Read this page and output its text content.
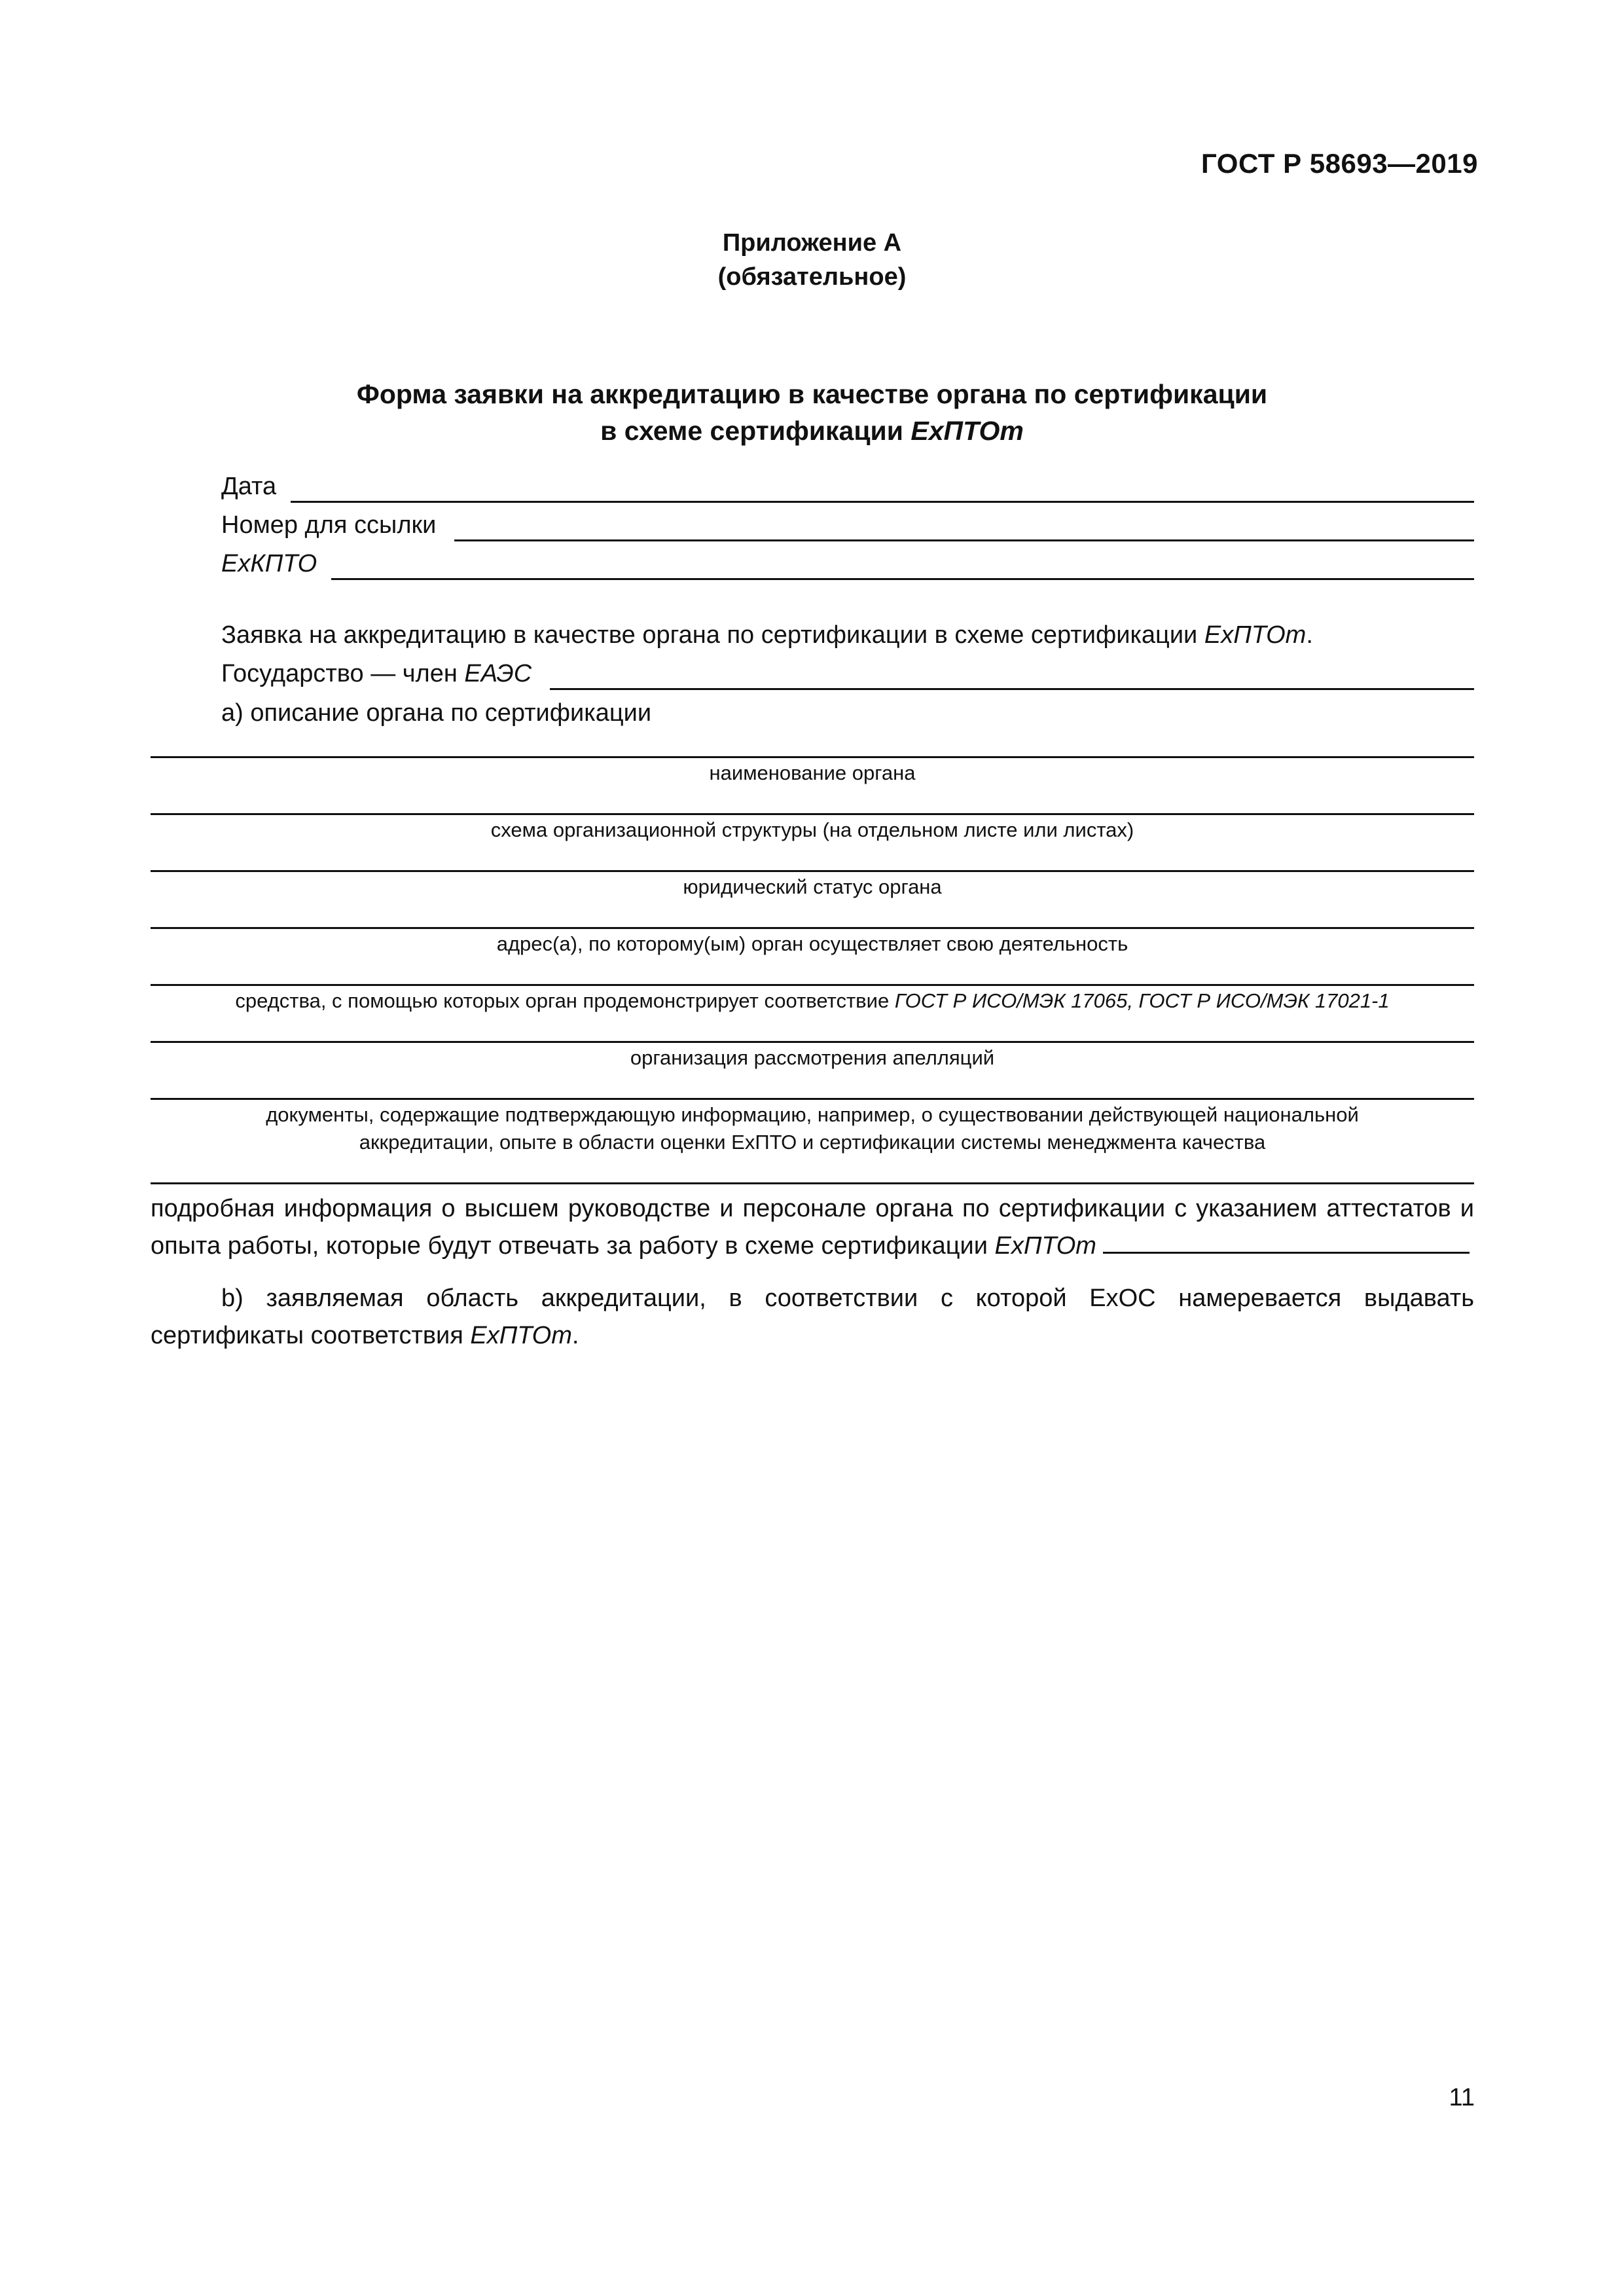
ГОСТ Р 58693—2019
Приложение А
(обязательное)
Форма заявки на аккредитацию в качестве органа по сертификации
в схеме сертификации ExПТОт
Дата
Номер для ссылки
ExКПТО
Заявка на аккредитацию в качестве органа по сертификации в схеме сертификации ExПТОт.
Государство — член ЕАЭС
а) описание органа по сертификации
наименование органа
схема организационной структуры (на отдельном листе или листах)
юридический статус органа
адрес(а), по которому(ым) орган осуществляет свою деятельность
средства, с помощью которых орган продемонстрирует соответствие ГОСТ Р ИСО/МЭК 17065, ГОСТ Р ИСО/МЭК 17021-1
организация рассмотрения апелляций
документы, содержащие подтверждающую информацию, например, о существовании действующей национальной
аккредитации, опыте в области оценки ExПТО и сертификации системы менеджмента качества
подробная информация о высшем руководстве и персонале органа по сертификации с указанием аттестатов и опыта работы, которые будут отвечать за работу в схеме сертификации ExПТОт
b) заявляемая область аккредитации, в соответствии с которой ExОС намеревается выдавать сертификаты соответствия ExПТОт.
11
